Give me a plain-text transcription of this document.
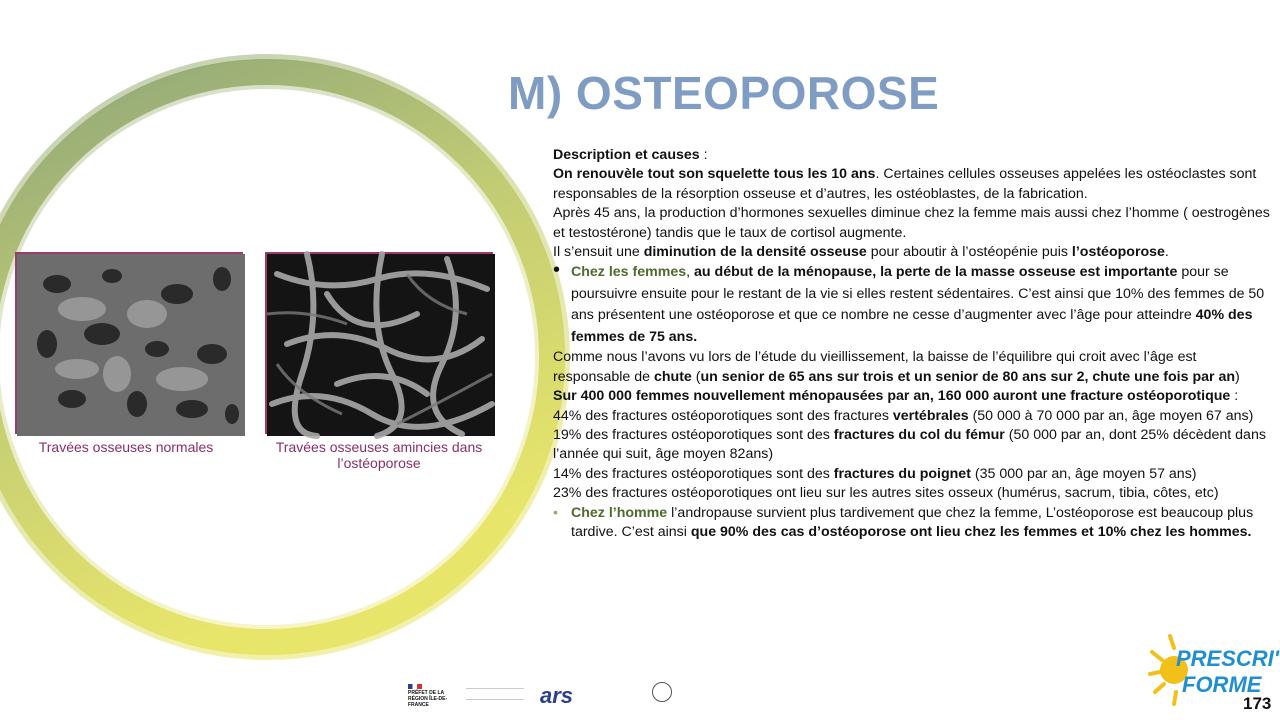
M) OSTEOPOROSE
Travées osseuses normales	Travées osseuses amincies dans l’ostéoporose

Description et causes :

On renouvèle tout son squelette tous les 10 ans. Certaines cellules osseuses appelées les ostéoclastes sont responsables de la résorption osseuse et d’autres, les ostéoblastes, de la fabrication.

Après 45 ans, la production d’hormones sexuelles diminue chez la femme mais aussi chez l’homme ( oestrogènes et testostérone) tandis que le taux de cortisol augmente.

Il s’ensuit une diminution de la densité osseuse pour aboutir à l’ostéopénie puis l’ostéoporose.

• Chez les femmes, au début de la ménopause, la perte de la masse osseuse est importante pour se poursuivre ensuite pour le restant de la vie si elles restent sédentaires. C’est ainsi que 10% des femmes de 50 ans présentent une ostéoporose et que ce nombre ne cesse d’augmenter avec l’âge pour atteindre 40% des femmes de 75 ans.

Comme nous l’avons vu lors de l’étude du vieillissement, la baisse de l’équilibre qui croit avec l’âge est responsable de chute (un senior de 65 ans sur trois et un senior de 80 ans sur 2, chute une fois par an)

Sur 400 000 femmes nouvellement ménopausées par an, 160 000 auront une fracture ostéoporotique :

44% des fractures ostéoporotiques sont des fractures vertébrales (50 000 à 70 000 par an, âge moyen 67 ans)

19% des fractures ostéoporotiques sont des fractures du col du fémur (50 000 par an, dont 25% décèdent dans l’année qui suit, âge moyen 82ans)

14% des fractures ostéoporotiques sont des fractures du poignet (35 000 par an, âge moyen 57 ans)

23% des fractures ostéoporotiques ont lieu sur les autres sites osseux (humérus, sacrum, tibia, côtes, etc)

• Chez l’homme l’andropause survient plus tardivement que chez la femme, L’ostéoporose est beaucoup plus tardive. C’est ainsi que 90% des cas d’ostéoporose ont lieu chez les femmes et 10% chez les hommes.

PRÉFET DE LA RÉGION ÎLE-DE-FRANCE	ars
PRESCRI'
FORME
173
